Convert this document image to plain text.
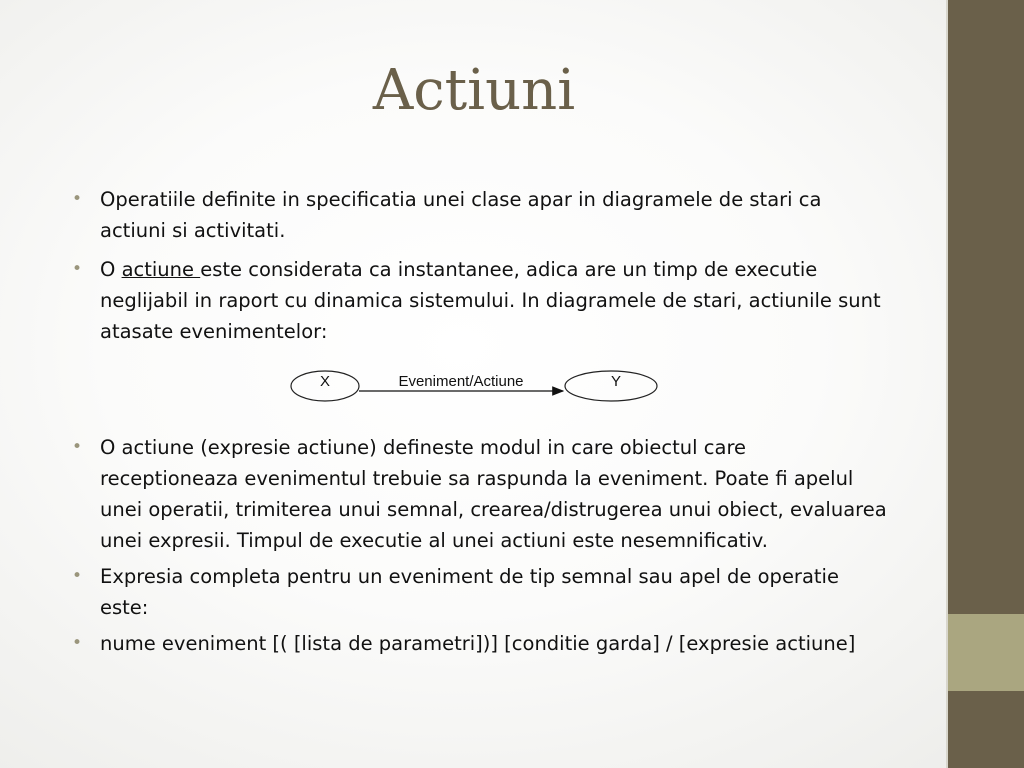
Actiuni
• Operatiile definite in specificatia unei clase apar in diagramele de stari ca actiuni si activitati.
• O actiune este considerata ca instantanee, adica are un timp de executie neglijabil in raport cu dinamica sistemului. In diagramele de stari, actiunile sunt atasate evenimentelor:
• O actiune (expresie actiune) defineste modul in care obiectul care receptioneaza evenimentul trebuie sa raspunda la eveniment. Poate fi apelul unei operatii, trimiterea unui semnal, crearea/distrugerea unui obiect, evaluarea unei expresii. Timpul de executie al unei actiuni este nesemnificativ.
• Expresia completa pentru un eveniment de tip semnal sau apel de operatie este:
• nume eveniment [( [lista de parametri])] [conditie garda] / [expresie actiune]
X	Eveniment/Actiune	Y
